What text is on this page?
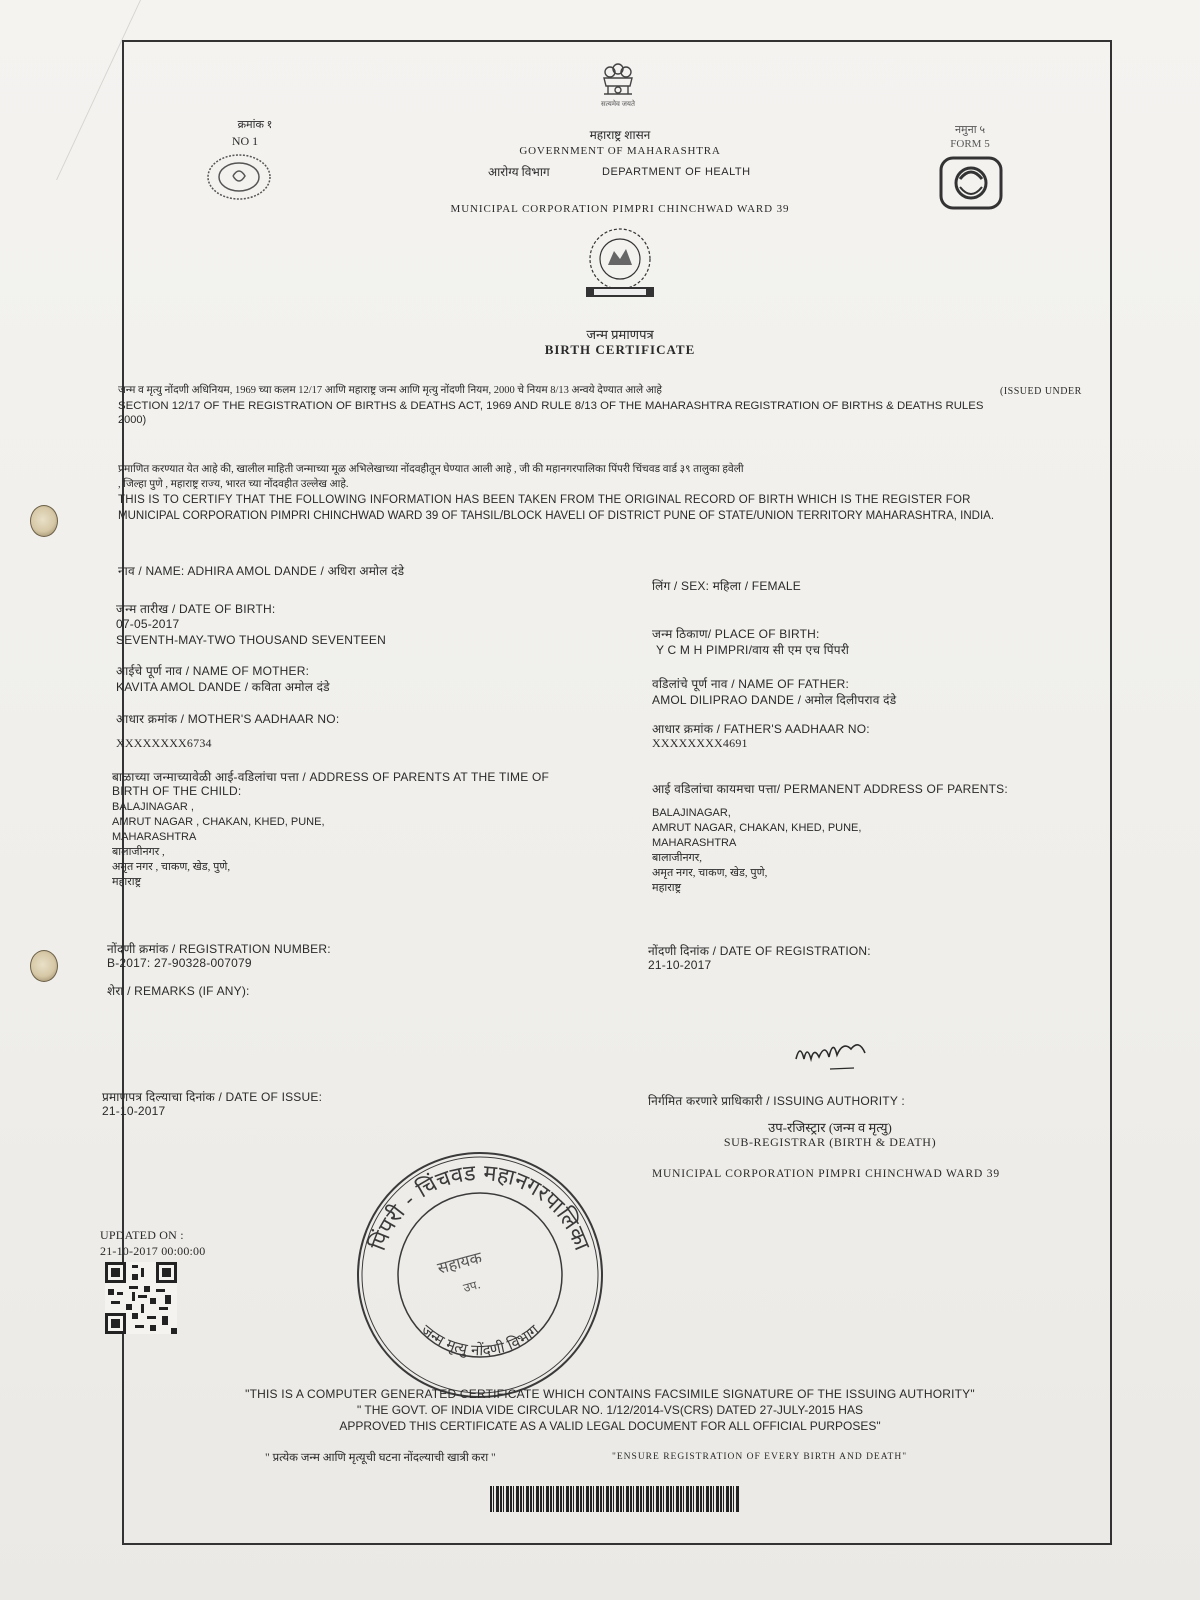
सत्यमेव जयते
क्रमांक १
NO 1
नमुना ५
FORM 5
महाराष्ट्र शासन
GOVERNMENT OF MAHARASHTRA
आरोग्य विभाग	DEPARTMENT OF HEALTH
MUNICIPAL CORPORATION PIMPRI CHINCHWAD WARD 39
जन्म प्रमाणपत्र
BIRTH CERTIFICATE
जन्म व मृत्यु नोंदणी अधिनियम, 1969 च्या कलम 12/17 आणि महाराष्ट्र जन्म आणि मृत्यु नोंदणी नियम, 2000 चे नियम 8/13 अन्वये देण्यात आले आहे	(ISSUED UNDER
SECTION 12/17 OF THE REGISTRATION OF BIRTHS & DEATHS ACT, 1969 AND RULE 8/13 OF THE MAHARASHTRA REGISTRATION OF BIRTHS & DEATHS RULES
2000)
प्रमाणित करण्यात येत आहे की, खालील माहिती जन्माच्या मूळ अभिलेखाच्या नोंदवहीतून घेण्यात आली आहे , जी की महानगरपालिका पिंपरी चिंचवड वार्ड ३९ तालुका हवेली
, जिल्हा पुणे , महाराष्ट्र राज्य, भारत च्या नोंदवहीत उल्लेख आहे.
THIS IS TO CERTIFY THAT THE FOLLOWING INFORMATION HAS BEEN TAKEN FROM THE ORIGINAL RECORD OF BIRTH WHICH IS THE REGISTER FOR
MUNICIPAL CORPORATION PIMPRI CHINCHWAD WARD 39 OF TAHSIL/BLOCK HAVELI OF DISTRICT PUNE OF STATE/UNION TERRITORY MAHARASHTRA, INDIA.
नाव / NAME: ADHIRA AMOL DANDE / अधिरा अमोल दंडे
जन्म तारीख / DATE OF BIRTH:
07-05-2017
SEVENTH-MAY-TWO THOUSAND SEVENTEEN
आईचे पूर्ण नाव / NAME OF MOTHER:
KAVITA AMOL DANDE / कविता अमोल दंडे
आधार क्रमांक / MOTHER'S AADHAAR NO:
XXXXXXXX6734
बाळाच्या जन्माच्यावेळी आई-वडिलांचा पत्ता / ADDRESS OF PARENTS AT THE TIME OF
BIRTH OF THE CHILD:
BALAJINAGAR ,
AMRUT NAGAR , CHAKAN, KHED, PUNE,
MAHARASHTRA
बालाजीनगर ,
अमृत नगर , चाकण, खेड, पुणे,
महाराष्ट्र
नोंदणी क्रमांक / REGISTRATION NUMBER:
B-2017: 27-90328-007079
शेरा / REMARKS (IF ANY):
प्रमाणपत्र दिल्याचा दिनांक / DATE OF ISSUE:
21-10-2017
UPDATED ON :
21-10-2017 00:00:00
लिंग / SEX: महिला / FEMALE
जन्म ठिकाण/ PLACE OF BIRTH:
Y C M H PIMPRI/वाय सी एम एच पिंपरी
वडिलांचे पूर्ण नाव / NAME OF FATHER:
AMOL DILIPRAO DANDE / अमोल दिलीपराव दंडे
आधार क्रमांक / FATHER'S AADHAAR NO:
XXXXXXXX4691
आई वडिलांचा कायमचा पत्ता/ PERMANENT ADDRESS OF PARENTS:
BALAJINAGAR,
AMRUT NAGAR, CHAKAN, KHED, PUNE,
MAHARASHTRA
बालाजीनगर,
अमृत नगर, चाकण, खेड, पुणे,
महाराष्ट्र
नोंदणी दिनांक / DATE OF REGISTRATION:
21-10-2017
निर्गमित करणारे प्राधिकारी / ISSUING AUTHORITY :
उप-रजिस्ट्रार (जन्म व मृत्यु)
SUB-REGISTRAR (BIRTH & DEATH)
MUNICIPAL CORPORATION PIMPRI CHINCHWAD WARD 39
पिंपरी - चिंचवड महानगरपालिका
जन्म मृत्यु नोंदणी विभाग
सहायक
उप.
"THIS IS A COMPUTER GENERATED CERTIFICATE WHICH CONTAINS FACSIMILE SIGNATURE OF THE ISSUING AUTHORITY"
" THE GOVT. OF INDIA VIDE CIRCULAR NO. 1/12/2014-VS(CRS) DATED 27-JULY-2015 HAS
APPROVED THIS CERTIFICATE AS A VALID LEGAL DOCUMENT FOR ALL OFFICIAL PURPOSES"
" प्रत्येक जन्म आणि मृत्यूची घटना नोंदल्याची खात्री करा "	"ENSURE REGISTRATION OF EVERY BIRTH AND DEATH"
